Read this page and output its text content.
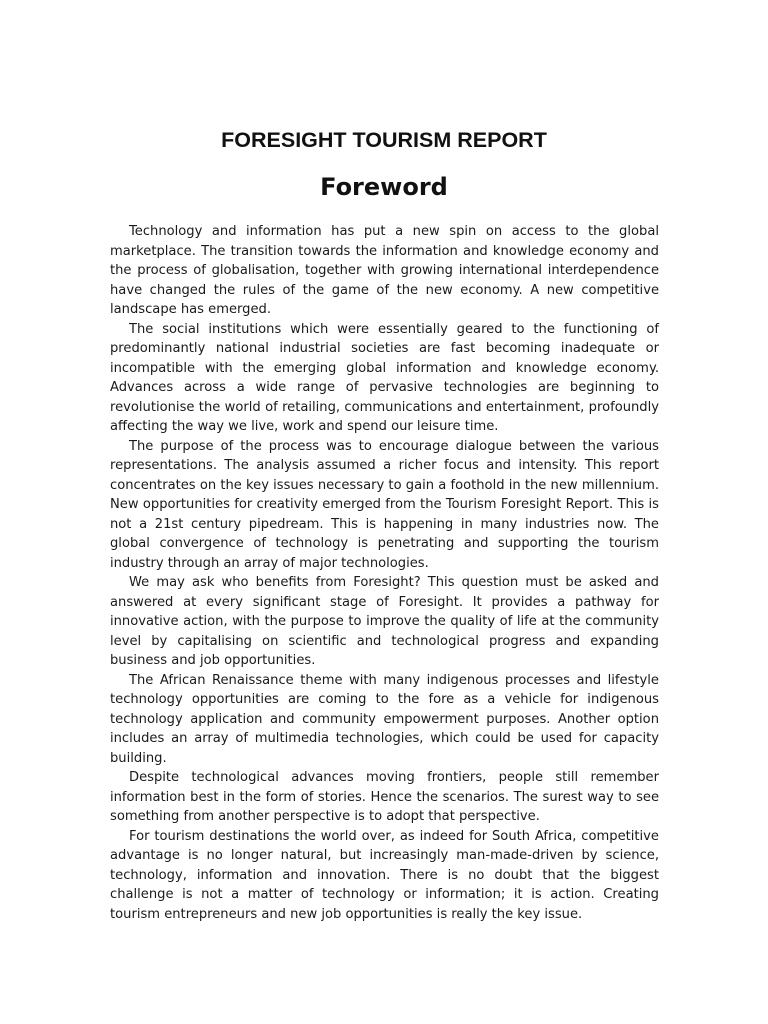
FORESIGHT TOURISM REPORT
Foreword

Technology and information has put a new spin on access to the global marketplace. The transition towards the information and knowledge economy and the process of globalisation, together with growing international interdependence have changed the rules of the game of the new economy. A new competitive landscape has emerged.

The social institutions which were essentially geared to the functioning of predominantly national industrial societies are fast becoming inadequate or incompatible with the emerging global information and knowledge economy. Advances across a wide range of pervasive technologies are beginning to revolutionise the world of retailing, communications and entertainment, profoundly affecting the way we live, work and spend our leisure time.

The purpose of the process was to encourage dialogue between the various representations. The analysis assumed a richer focus and intensity. This report concentrates on the key issues necessary to gain a foothold in the new millennium. New opportunities for creativity emerged from the Tourism Foresight Report. This is not a 21st century pipedream. This is happening in many industries now. The global convergence of technology is penetrating and supporting the tourism industry through an array of major technologies.

We may ask who benefits from Foresight? This question must be asked and answered at every significant stage of Foresight. It provides a pathway for innovative action, with the purpose to improve the quality of life at the community level by capitalising on scientific and technological progress and expanding business and job opportunities.

The African Renaissance theme with many indigenous processes and lifestyle technology opportunities are coming to the fore as a vehicle for indigenous technology application and community empowerment purposes. Another option includes an array of multimedia technologies, which could be used for capacity building.

Despite technological advances moving frontiers, people still remember information best in the form of stories. Hence the scenarios. The surest way to see something from another perspective is to adopt that perspective.

For tourism destinations the world over, as indeed for South Africa, competitive advantage is no longer natural, but increasingly man-made-driven by science, technology, information and innovation. There is no doubt that the biggest challenge is not a matter of technology or information; it is action. Creating tourism entrepreneurs and new job opportunities is really the key issue.
